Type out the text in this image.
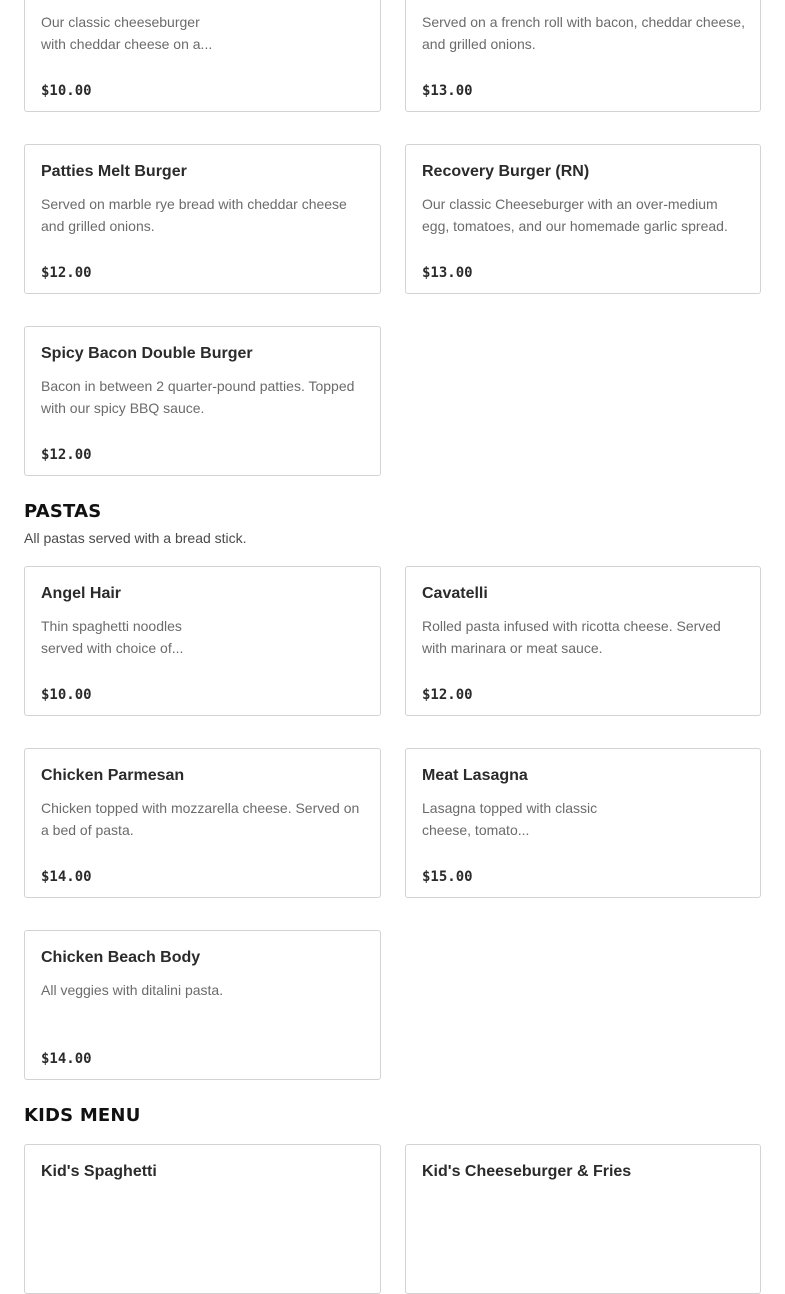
Our classic cheeseburger with cheddar cheese on a...
$10.00
Served on a french roll with bacon, cheddar cheese, and grilled onions.
$13.00
Patties Melt Burger
Served on marble rye bread with cheddar cheese and grilled onions.
$12.00
Recovery Burger (RN)
Our classic Cheeseburger with an over-medium egg, tomatoes, and our homemade garlic spread.
$13.00
Spicy Bacon Double Burger
Bacon in between 2 quarter-pound patties. Topped with our spicy BBQ sauce.
$12.00
PASTAS
All pastas served with a bread stick.
Angel Hair
Thin spaghetti noodles served with choice of...
$10.00
Cavatelli
Rolled pasta infused with ricotta cheese. Served with marinara or meat sauce.
$12.00
Chicken Parmesan
Chicken topped with mozzarella cheese. Served on a bed of pasta.
$14.00
Meat Lasagna
Lasagna topped with classic cheese, tomato...
$15.00
Chicken Beach Body
All veggies with ditalini pasta.
$14.00
KIDS MENU
Kid's Spaghetti	Kid's Cheeseburger & Fries
